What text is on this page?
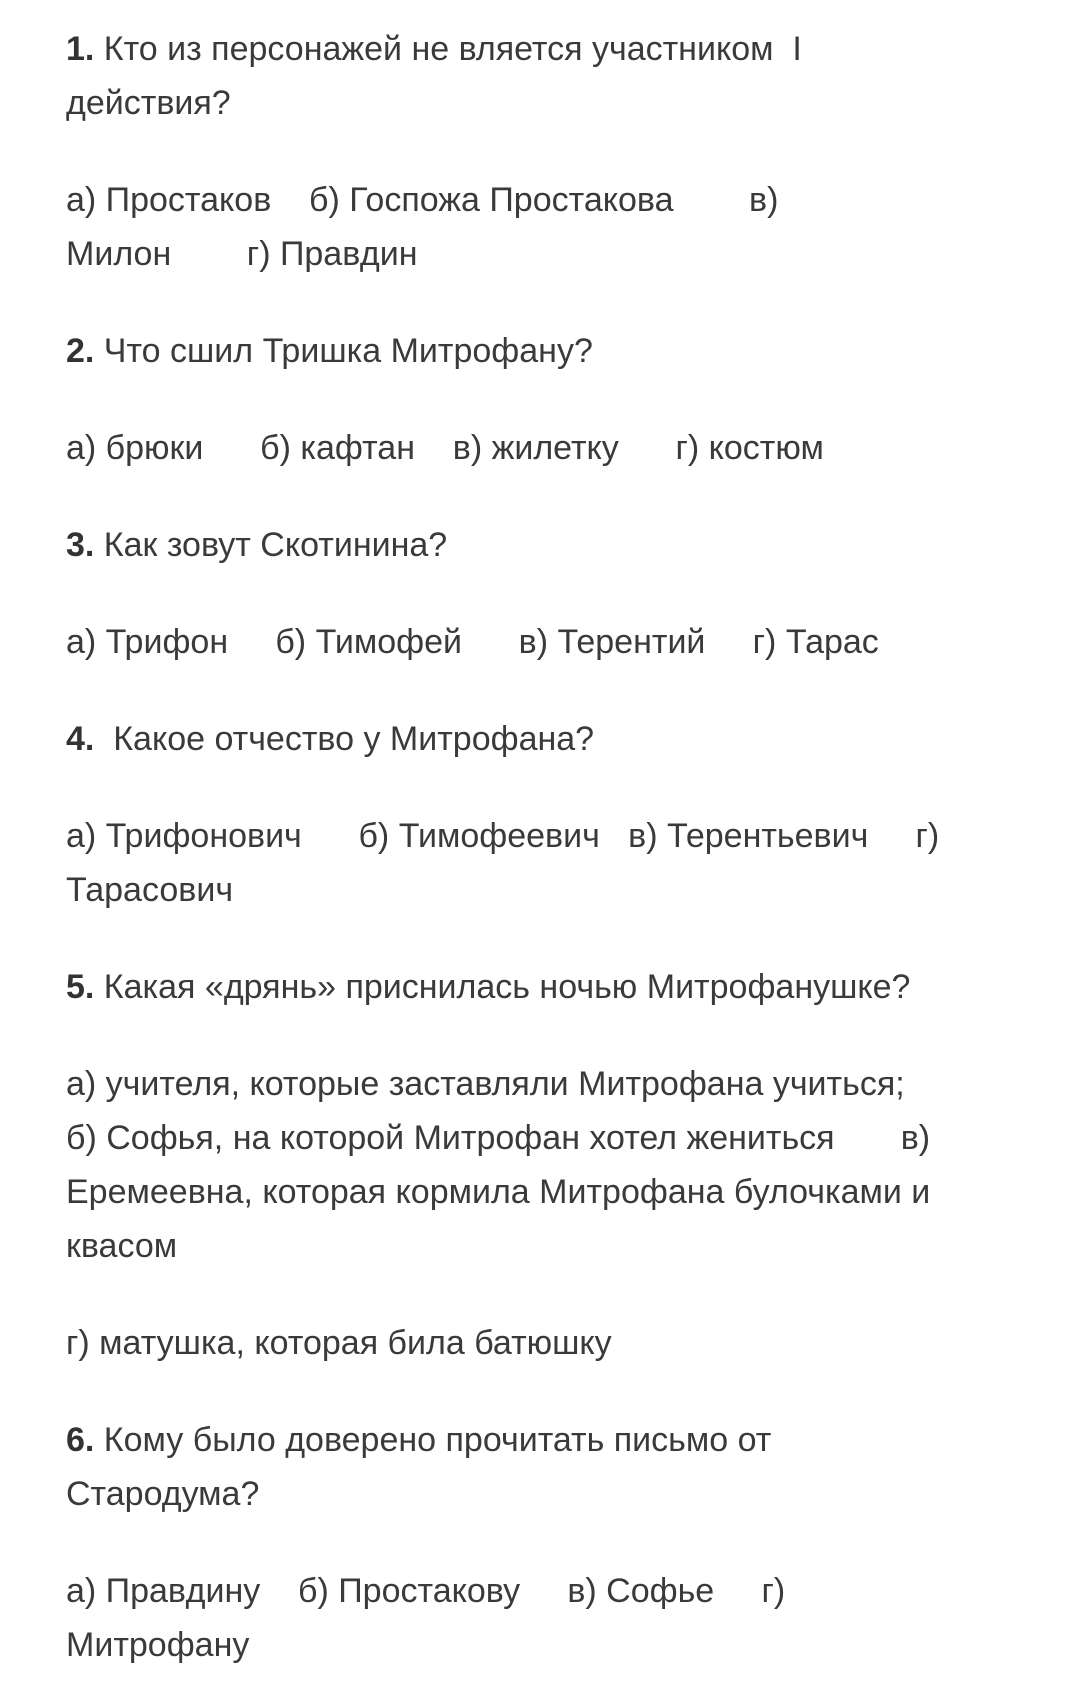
1. Кто из персонажей не вляется участником  I
действия?

а) Простаков    б) Госпожа Простакова        в)
Милон        г) Правдин

2. Что сшил Тришка Митрофану?

а) брюки      б) кафтан    в) жилетку      г) костюм

3. Как зовут Скотинина?

а) Трифон     б) Тимофей      в) Терентий     г) Тарас

4.  Какое отчество у Митрофана?

а) Трифонович      б) Тимофеевич   в) Терентьевич     г)
Тарасович

5. Какая «дрянь» приснилась ночью Митрофанушке?

а) учителя, которые заставляли Митрофана учиться;
б) Софья, на которой Митрофан хотел жениться       в)
Еремеевна, которая кормила Митрофана булочками и
квасом

г) матушка, которая била батюшку

6. Кому было доверено прочитать письмо от
Стародума?

а) Правдину    б) Простакову     в) Софье     г)
Митрофану
